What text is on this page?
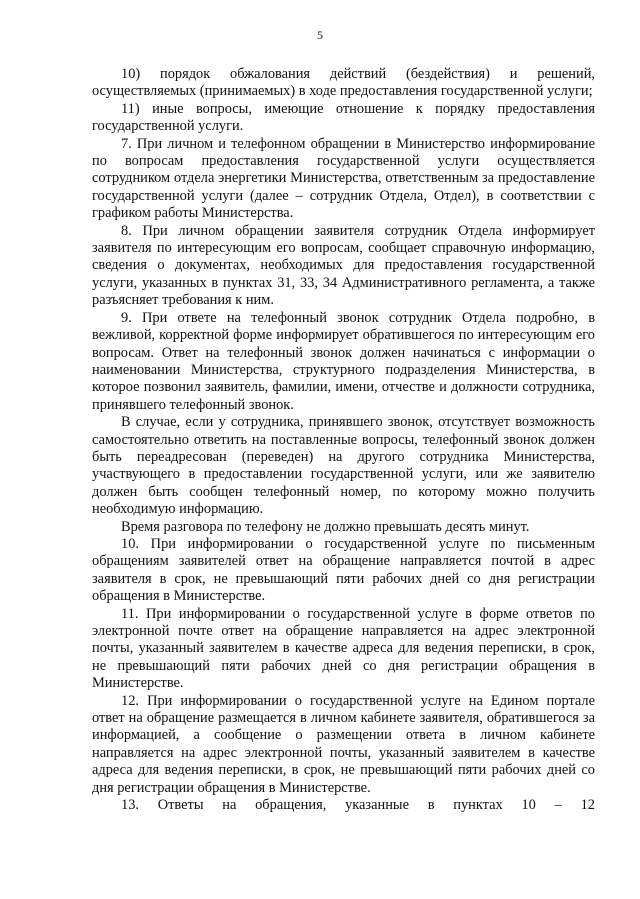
5

10) порядок обжалования действий (бездействия) и решений, осуществляемых (принимаемых) в ходе предоставления государственной услуги;

11) иные вопросы, имеющие отношение к порядку предоставления государственной услуги.

7. При личном и телефонном обращении в Министерство информирование по вопросам предоставления государственной услуги осуществляется сотрудником отдела энергетики Министерства, ответственным за предоставление государственной услуги (далее – сотрудник Отдела, Отдел), в соответствии с графиком работы Министерства.

8. При личном обращении заявителя сотрудник Отдела информирует заявителя по интересующим его вопросам, сообщает справочную информацию, сведения о документах, необходимых для предоставления государственной услуги, указанных в пунктах 31, 33, 34 Административного регламента, а также разъясняет требования к ним.

9. При ответе на телефонный звонок сотрудник Отдела подробно, в вежливой, корректной форме информирует обратившегося по интересующим его вопросам. Ответ на телефонный звонок должен начинаться с информации о наименовании Министерства, структурного подразделения Министерства, в которое позвонил заявитель, фамилии, имени, отчестве и должности сотрудника, принявшего телефонный звонок.

В случае, если у сотрудника, принявшего звонок, отсутствует возможность самостоятельно ответить на поставленные вопросы, телефонный звонок должен быть переадресован (переведен) на другого сотрудника Министерства, участвующего в предоставлении государственной услуги, или же заявителю должен быть сообщен телефонный номер, по которому можно получить необходимую информацию.

Время разговора по телефону не должно превышать десять минут.

10. При информировании о государственной услуге по письменным обращениям заявителей ответ на обращение направляется почтой в адрес заявителя в срок, не превышающий пяти рабочих дней со дня регистрации обращения в Министерстве.

11. При информировании о государственной услуге в форме ответов по электронной почте ответ на обращение направляется на адрес электронной почты, указанный заявителем в качестве адреса для ведения переписки, в срок, не превышающий пяти рабочих дней со дня регистрации обращения в Министерстве.

12. При информировании о государственной услуге на Едином портале ответ на обращение размещается в личном кабинете заявителя, обратившегося за информацией, а сообщение о размещении ответа в личном кабинете направляется на адрес электронной почты, указанный заявителем в качестве адреса для ведения переписки, в срок, не превышающий пяти рабочих дней со дня регистрации обращения в Министерстве.

13. Ответы на обращения, указанные в пунктах 10 – 12
